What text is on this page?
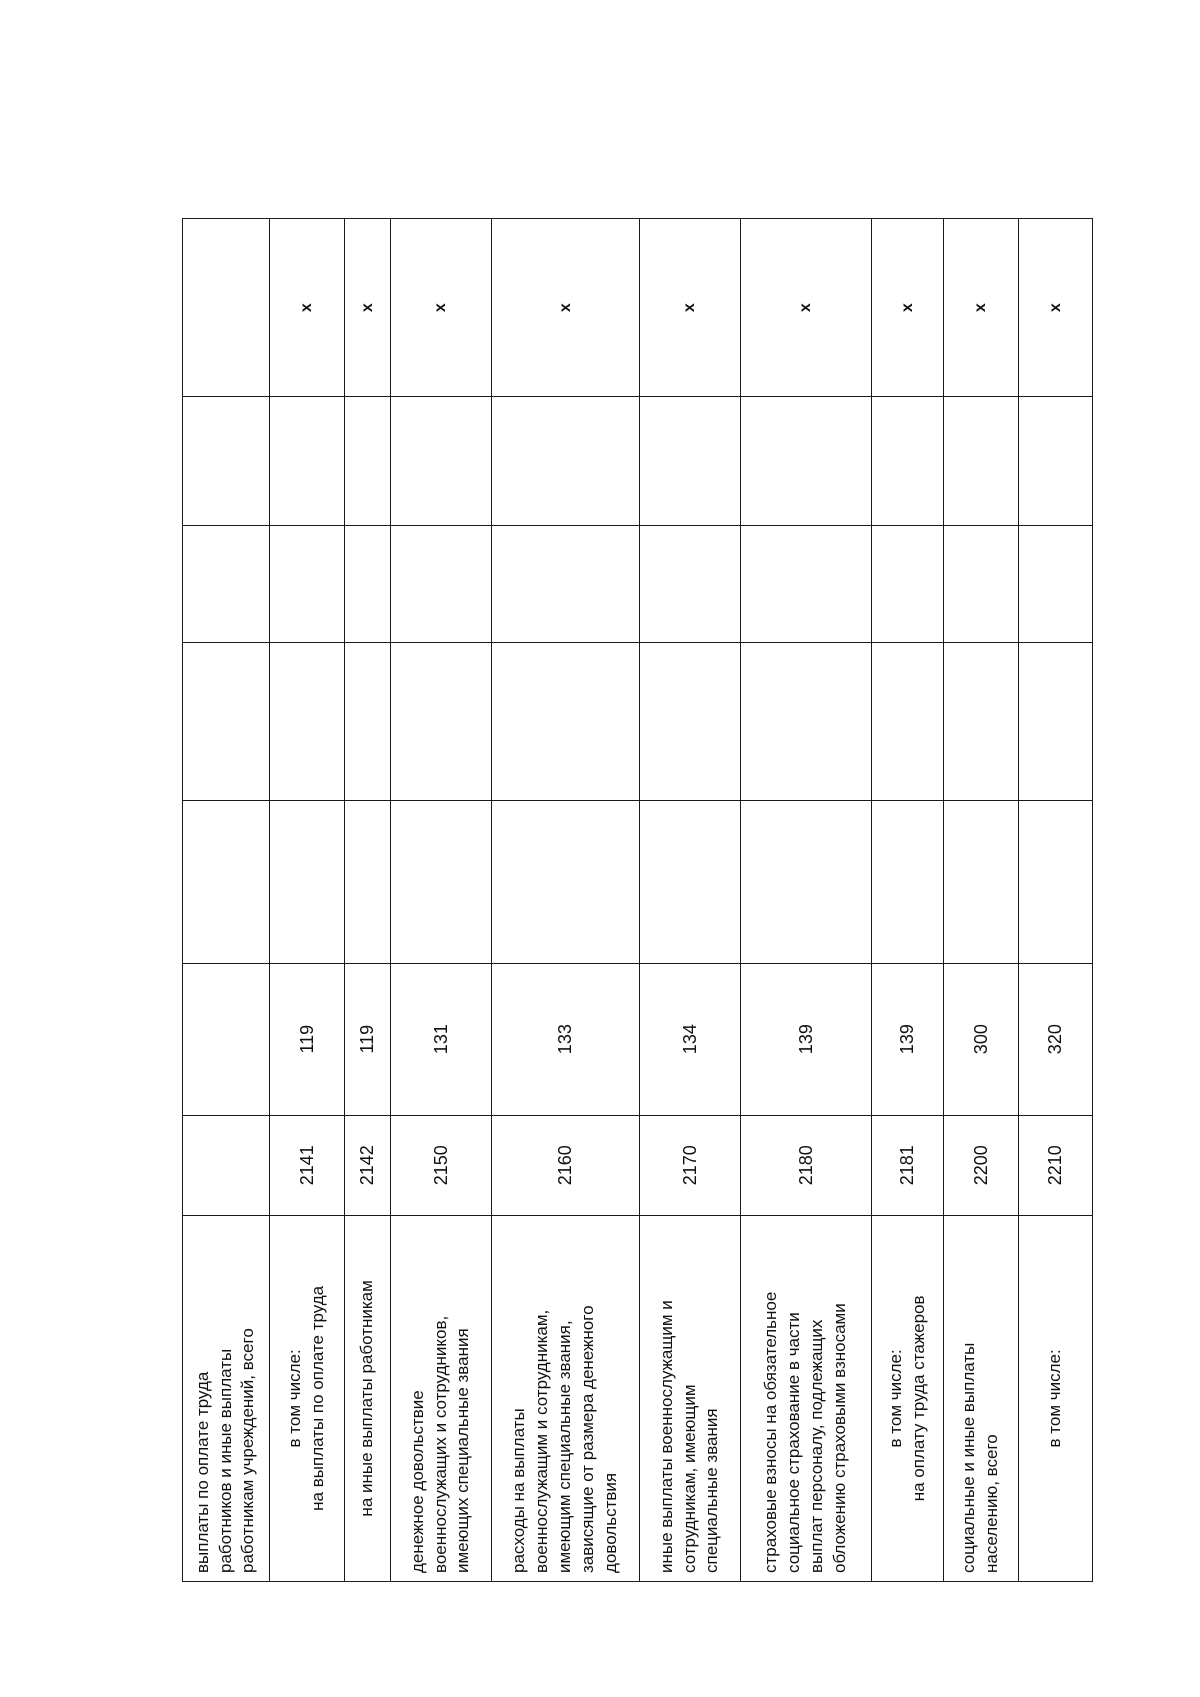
выплаты по оплате труда работников и иные выплаты работникам учреждений, всего							

в том числе: на выплаты по оплате труда	2141	119					x

на иные выплаты работникам	2142	119					x

денежное довольствие военнослужащих и сотрудников, имеющих специальные звания	2150	131					x

расходы на выплаты военнослужащим и сотрудникам, имеющим специальные звания, зависящие от размера денежного довольствия	2160	133					x

иные выплаты военнослужащим и сотрудникам, имеющим специальные звания	2170	134					x

страховые взносы на обязательное социальное страхование в части выплат персоналу, подлежащих обложению страховыми взносами	2180	139					x

в том числе: на оплату труда стажеров	2181	139					x

социальные и иные выплаты населению, всего	2200	300					x

в том числе:	2210	320					x
